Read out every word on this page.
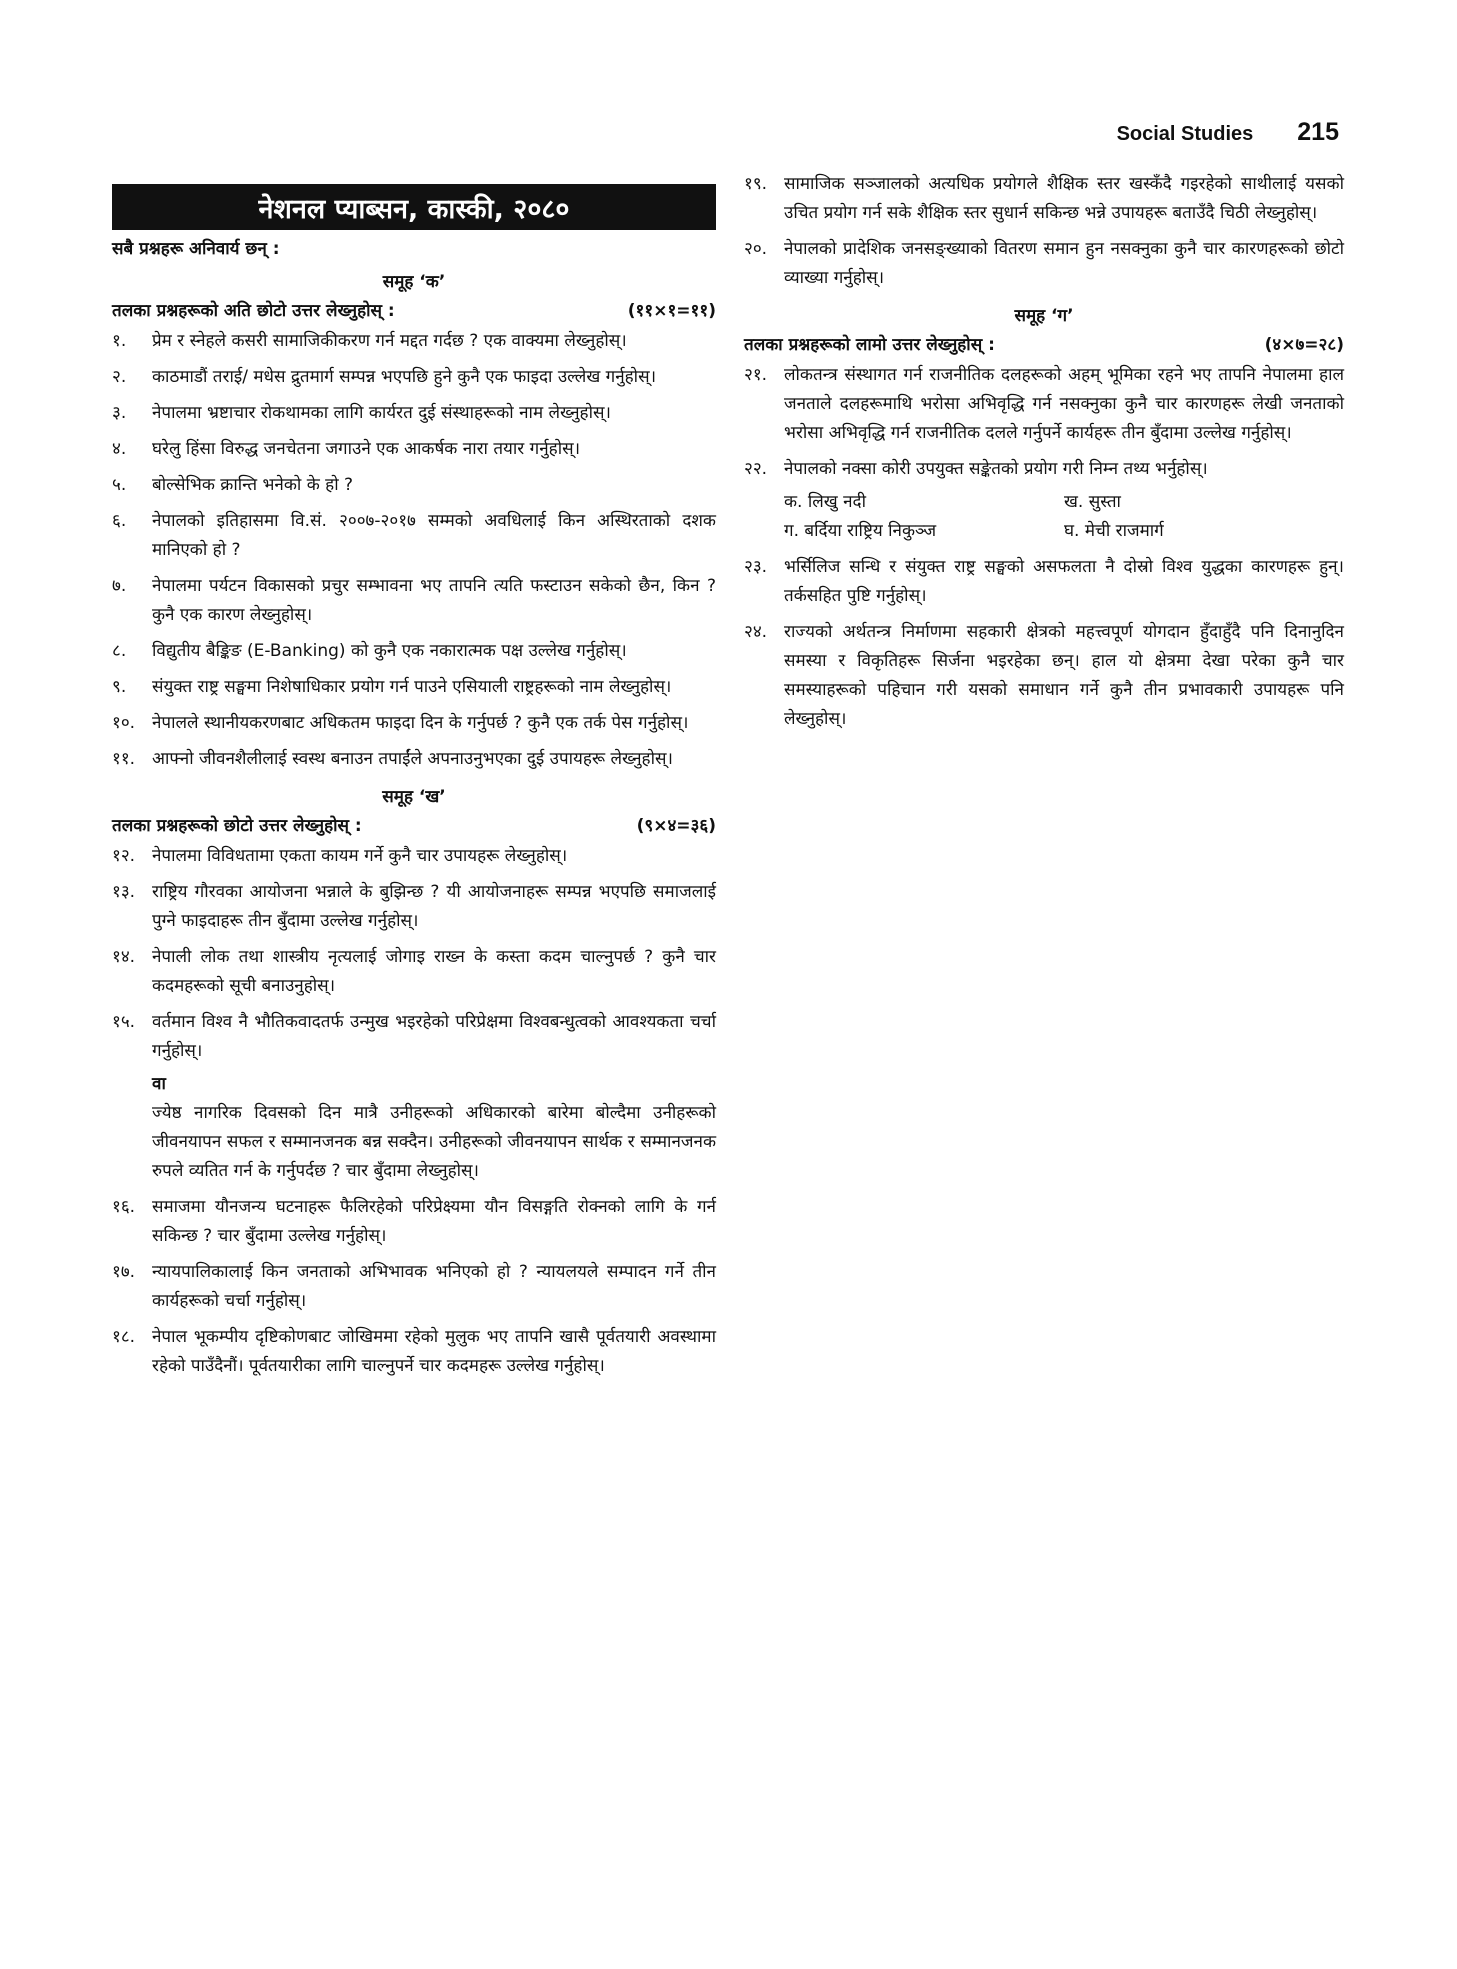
Social Studies 215
नेशनल प्याब्सन, कास्की, २०८०
सबै प्रश्नहरू अनिवार्य छन् :
समूह ‘क’
तलका प्रश्नहरूको अति छोटो उत्तर लेख्नुहोस् :	(११×१=११)
१. प्रेम र स्नेहले कसरी सामाजिकीकरण गर्न मद्दत गर्दछ ? एक वाक्यमा लेख्नुहोस्।
२. काठमाडौं तराई/ मधेस द्रुतमार्ग सम्पन्न भएपछि हुने कुनै एक फाइदा उल्लेख गर्नुहोस्।
३. नेपालमा भ्रष्टाचार रोकथामका लागि कार्यरत दुई संस्थाहरूको नाम लेख्नुहोस्।
४. घरेलु हिंसा विरुद्ध जनचेतना जगाउने एक आकर्षक नारा तयार गर्नुहोस्।
५. बोल्सेभिक क्रान्ति भनेको के हो ?
६. नेपालको इतिहासमा वि.सं. २००७-२०१७ सम्मको अवधिलाई किन अस्थिरताको दशक मानिएको हो ?
७. नेपालमा पर्यटन विकासको प्रचुर सम्भावना भए तापनि त्यति फस्टाउन सकेको छैन, किन ? कुनै एक कारण लेख्नुहोस्।
८. विद्युतीय बैङ्किङ (E-Banking) को कुनै एक नकारात्मक पक्ष उल्लेख गर्नुहोस्।
९. संयुक्त राष्ट्र सङ्घमा निशेषाधिकार प्रयोग गर्न पाउने एसियाली राष्ट्रहरूको नाम लेख्नुहोस्।
१०. नेपालले स्थानीयकरणबाट अधिकतम फाइदा दिन के गर्नुपर्छ ? कुनै एक तर्क पेस गर्नुहोस्।
११. आफ्नो जीवनशैलीलाई स्वस्थ बनाउन तपाईंले अपनाउनुभएका दुई उपायहरू लेख्नुहोस्।
समूह ‘ख’
तलका प्रश्नहरूको छोटो उत्तर लेख्नुहोस् :	(९×४=३६)
१२. नेपालमा विविधतामा एकता कायम गर्ने कुनै चार उपायहरू लेख्नुहोस्।
१३. राष्ट्रिय गौरवका आयोजना भन्नाले के बुझिन्छ ? यी आयोजनाहरू सम्पन्न भएपछि समाजलाई पुग्ने फाइदाहरू तीन बुँदामा उल्लेख गर्नुहोस्।
१४. नेपाली लोक तथा शास्त्रीय नृत्यलाई जोगाइ राख्न के कस्ता कदम चाल्नुपर्छ ? कुनै चार कदमहरूको सूची बनाउनुहोस्।
१५. वर्तमान विश्व नै भौतिकवादतर्फ उन्मुख भइरहेको परिप्रेक्षमा विश्वबन्धुत्वको आवश्यकता चर्चा गर्नुहोस्।
वा
ज्येष्ठ नागरिक दिवसको दिन मात्रै उनीहरूको अधिकारको बारेमा बोल्दैमा उनीहरूको जीवनयापन सफल र सम्मानजनक बन्न सक्दैन। उनीहरूको जीवनयापन सार्थक र सम्मानजनक रुपले व्यतित गर्न के गर्नुपर्दछ ? चार बुँदामा लेख्नुहोस्।
१६. समाजमा यौनजन्य घटनाहरू फैलिरहेको परिप्रेक्ष्यमा यौन विसङ्गति रोक्नको लागि के गर्न सकिन्छ ? चार बुँदामा उल्लेख गर्नुहोस्।
१७. न्यायपालिकालाई किन जनताको अभिभावक भनिएको हो ? न्यायलयले सम्पादन गर्ने तीन कार्यहरूको चर्चा गर्नुहोस्।
१८. नेपाल भूकम्पीय दृष्टिकोणबाट जोखिममा रहेको मुलुक भए तापनि खासै पूर्वतयारी अवस्थामा रहेको पाउँदैनौं। पूर्वतयारीका लागि चाल्नुपर्ने चार कदमहरू उल्लेख गर्नुहोस्।
१९. सामाजिक सञ्जालको अत्यधिक प्रयोगले शैक्षिक स्तर खस्कँदै गइरहेको साथीलाई यसको उचित प्रयोग गर्न सके शैक्षिक स्तर सुधार्न सकिन्छ भन्ने उपायहरू बताउँदै चिठी लेख्नुहोस्।
२०. नेपालको प्रादेशिक जनसङ्ख्याको वितरण समान हुन नसक्नुका कुनै चार कारणहरूको छोटो व्याख्या गर्नुहोस्।
समूह ‘ग’
तलका प्रश्नहरूको लामो उत्तर लेख्नुहोस् :	(४×७=२८)
२१. लोकतन्त्र संस्थागत गर्न राजनीतिक दलहरूको अहम् भूमिका रहने भए तापनि नेपालमा हाल जनताले दलहरूमाथि भरोसा अभिवृद्धि गर्न नसक्नुका कुनै चार कारणहरू लेखी जनताको भरोसा अभिवृद्धि गर्न राजनीतिक दलले गर्नुपर्ने कार्यहरू तीन बुँदामा उल्लेख गर्नुहोस्।
२२. नेपालको नक्सा कोरी उपयुक्त सङ्केतको प्रयोग गरी निम्न तथ्य भर्नुहोस्।
क. लिखु नदी	ख. सुस्ता
ग. बर्दिया राष्ट्रिय निकुञ्ज	घ. मेची राजमार्ग
२३. भर्सिलिज सन्धि र संयुक्त राष्ट्र सङ्घको असफलता नै दोस्रो विश्व युद्धका कारणहरू हुन्। तर्कसहित पुष्टि गर्नुहोस्।
२४. राज्यको अर्थतन्त्र निर्माणमा सहकारी क्षेत्रको महत्त्वपूर्ण योगदान हुँदाहुँदै पनि दिनानुदिन समस्या र विकृतिहरू सिर्जना भइरहेका छन्। हाल यो क्षेत्रमा देखा परेका कुनै चार समस्याहरूको पहिचान गरी यसको समाधान गर्ने कुनै तीन प्रभावकारी उपायहरू पनि लेख्नुहोस्।
